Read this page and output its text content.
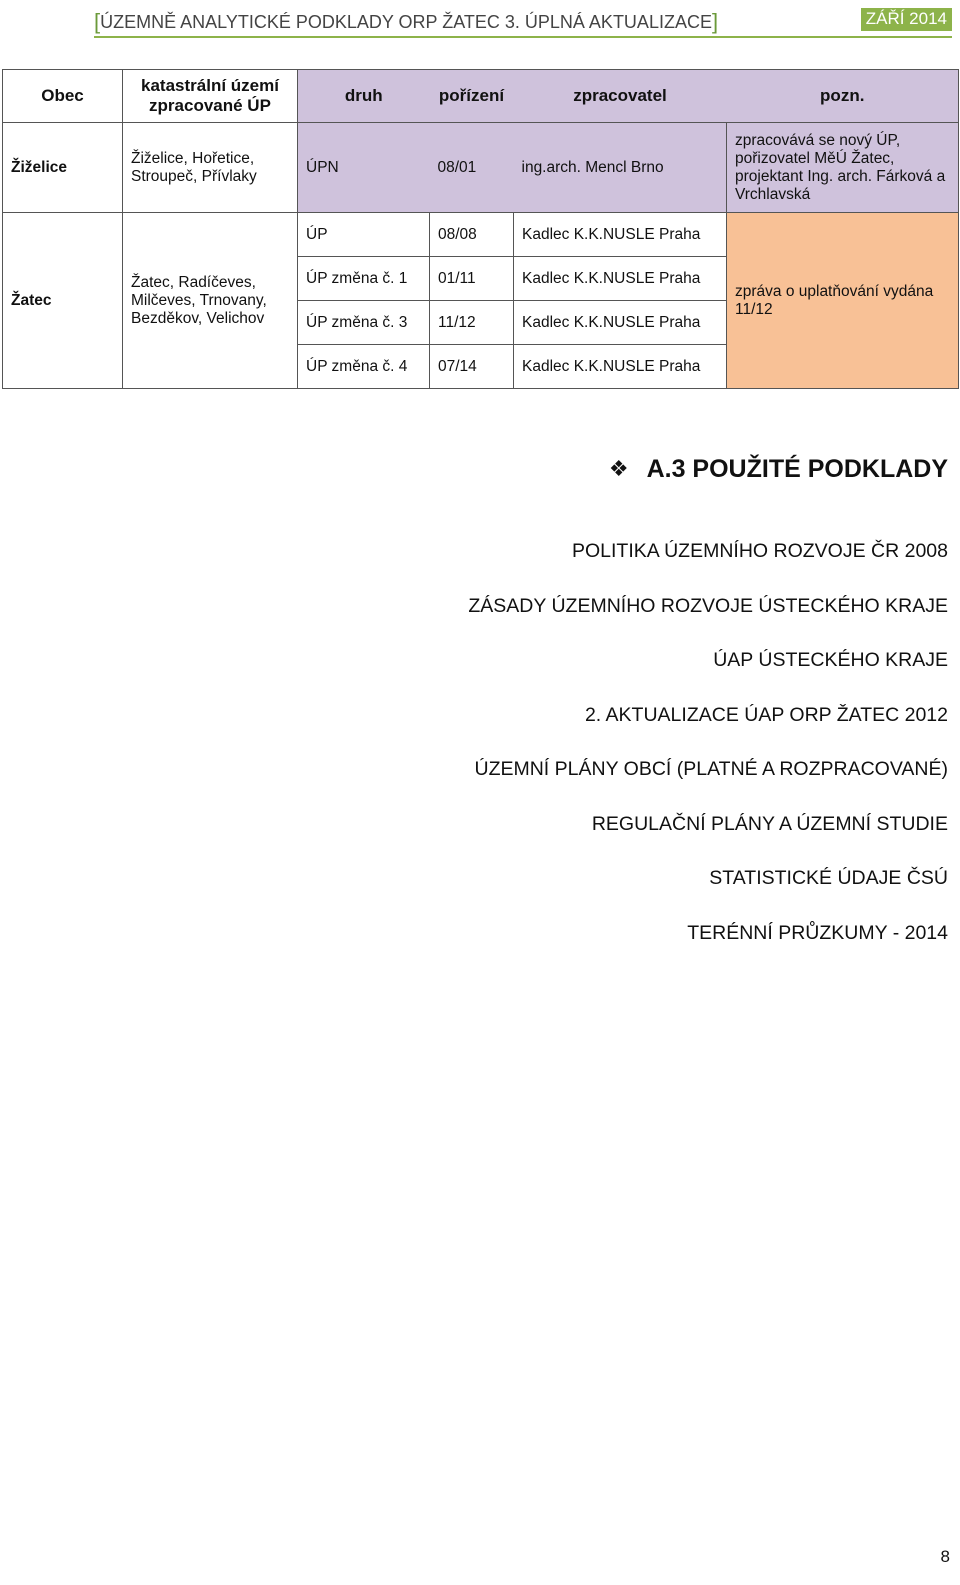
[ÚZEMNĚ ANALYTICKÉ PODKLADY ORP ŽATEC 3. ÚPLNÁ AKTUALIZACE]	ZÁŘÍ 2014
Obec	katastrální území zpracované ÚP	druh	pořízení	zpracovatel	pozn.
Žiželice	Žiželice, Hořetice, Stroupeč, Přívlaky	ÚPN	08/01	ing.arch. Mencl Brno	zpracovává se nový ÚP, pořizovatel MěÚ Žatec, projektant Ing. arch. Fárková a Vrchlavská
Žatec	Žatec, Radíčeves, Milčeves, Trnovany, Bezděkov, Velichov	ÚP	08/08	Kadlec K.K.NUSLE Praha	zpráva o uplatňování vydána 11/12
		ÚP změna č. 1	01/11	Kadlec K.K.NUSLE Praha	
		ÚP změna č. 3	11/12	Kadlec K.K.NUSLE Praha	
		ÚP změna č. 4	07/14	Kadlec K.K.NUSLE Praha	
❖ A.3 POUŽITÉ PODKLADY
POLITIKA ÚZEMNÍHO ROZVOJE ČR 2008
ZÁSADY ÚZEMNÍHO ROZVOJE ÚSTECKÉHO KRAJE
ÚAP ÚSTECKÉHO KRAJE
2. AKTUALIZACE ÚAP ORP ŽATEC 2012
ÚZEMNÍ PLÁNY OBCÍ (PLATNÉ A ROZPRACOVANÉ)
REGULAČNÍ PLÁNY A ÚZEMNÍ STUDIE
STATISTICKÉ ÚDAJE ČSÚ
TERÉNNÍ PRŮZKUMY - 2014
8
